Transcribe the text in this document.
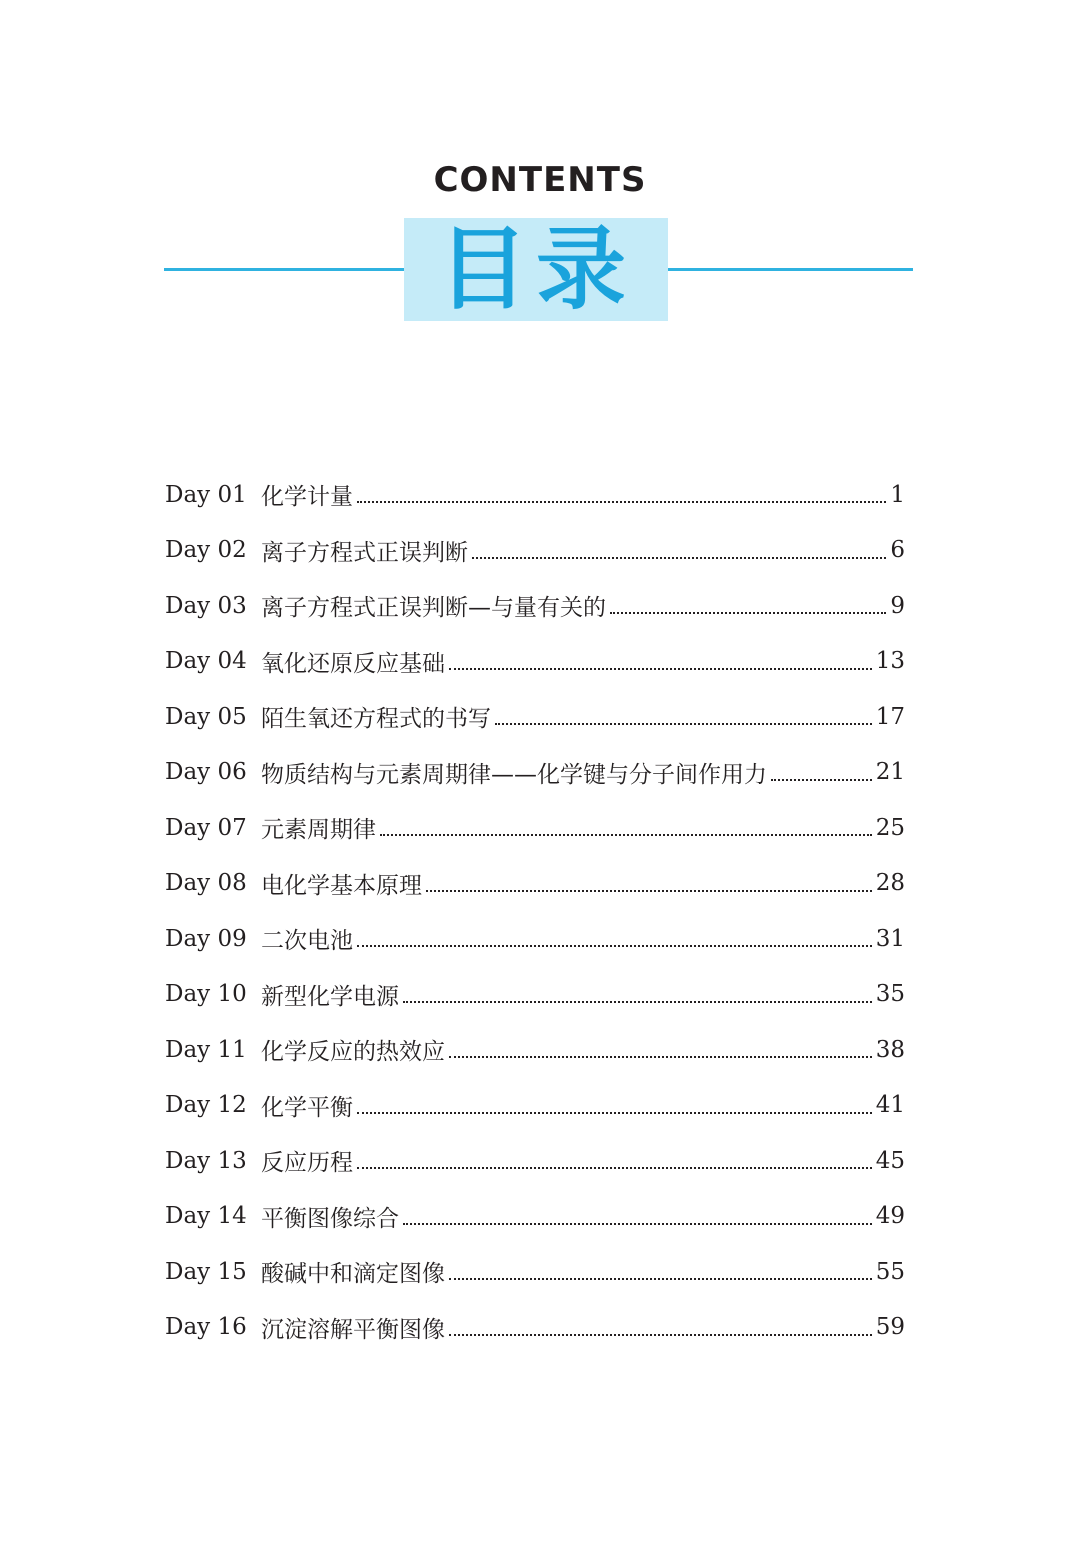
CONTENTS
目录
Day 01 化学计量	1
Day 02 离子方程式正误判断	6
Day 03 离子方程式正误判断—与量有关的	9
Day 04 氧化还原反应基础	13
Day 05 陌生氧还方程式的书写	17
Day 06 物质结构与元素周期律——化学键与分子间作用力	21
Day 07 元素周期律	25
Day 08 电化学基本原理	28
Day 09 二次电池	31
Day 10 新型化学电源	35
Day 11 化学反应的热效应	38
Day 12 化学平衡	41
Day 13 反应历程	45
Day 14 平衡图像综合	49
Day 15 酸碱中和滴定图像	55
Day 16 沉淀溶解平衡图像	59
